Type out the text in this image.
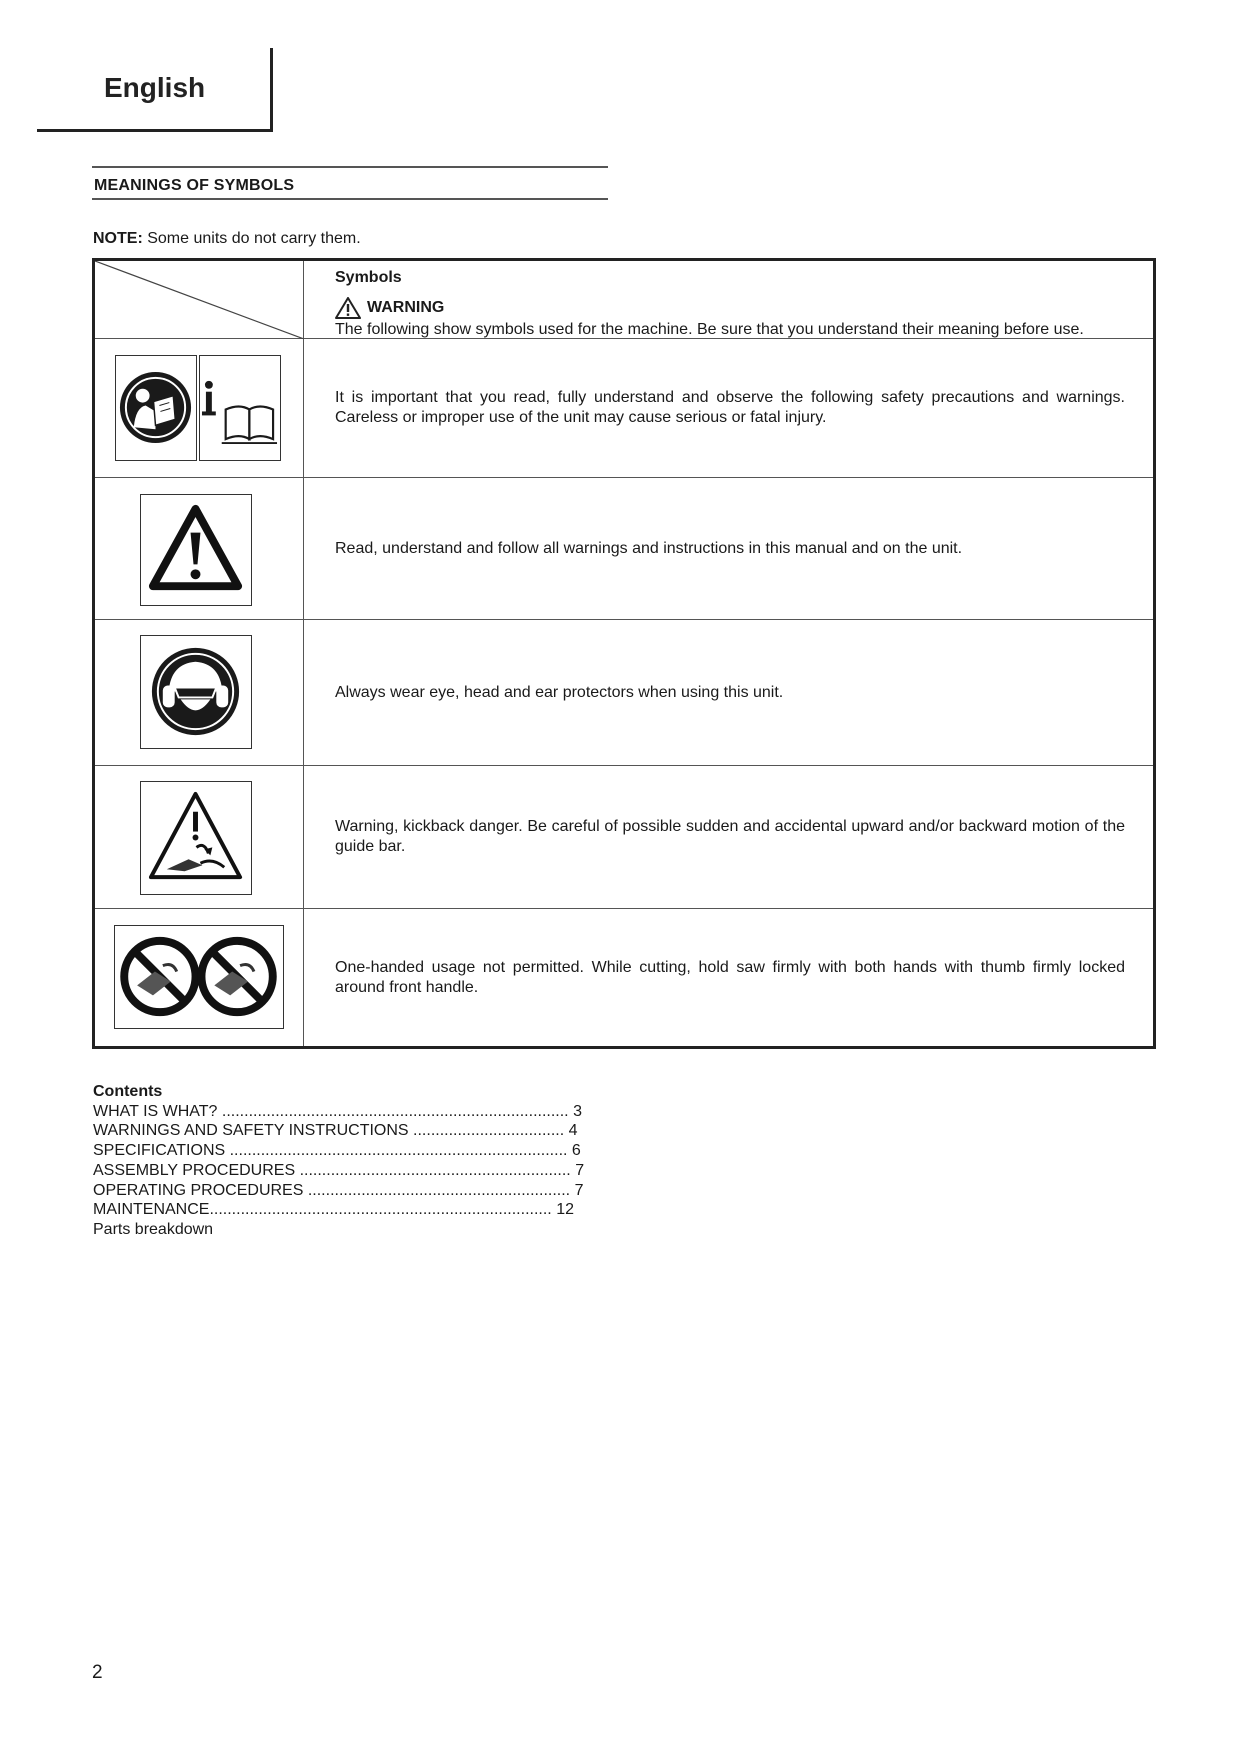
English
MEANINGS OF SYMBOLS
NOTE: Some units do not carry them.
Symbols
WARNING
The following show symbols used for the machine. Be sure that you understand their meaning before use.
It is important that you read, fully understand and observe the following safety precautions and warnings. Careless or improper use of the unit may cause serious or fatal injury.
Read, understand and follow all warnings and instructions in this manual and on the unit.
Always wear eye, head and ear protectors when using this unit.
Warning, kickback danger. Be careful of possible sudden and accidental upward and/or backward motion of the guide bar.
One-handed usage not permitted. While cutting, hold saw firmly with both hands with thumb firmly locked around front handle.
Contents
WHAT IS WHAT? .............................................................................. 3
WARNINGS AND SAFETY INSTRUCTIONS .................................. 4
SPECIFICATIONS ............................................................................ 6
ASSEMBLY PROCEDURES ............................................................. 7
OPERATING PROCEDURES ........................................................... 7
MAINTENANCE............................................................................. 12
Parts breakdown
2
